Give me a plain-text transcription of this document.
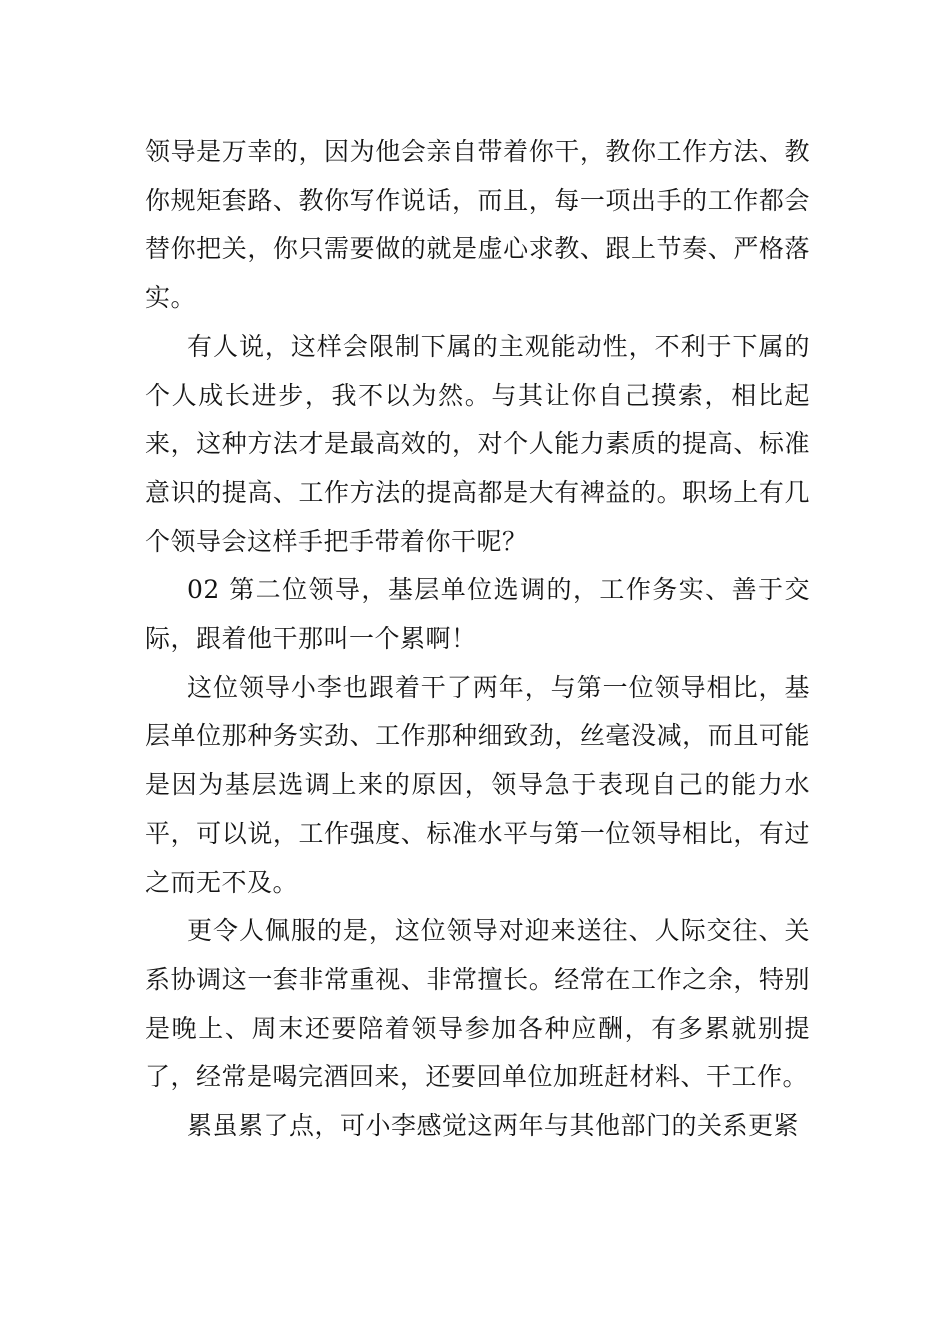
领导是万幸的，因为他会亲自带着你干，教你工作方法、教你规矩套路、教你写作说话，而且，每一项出手的工作都会替你把关，你只需要做的就是虚心求教、跟上节奏、严格落实。

有人说，这样会限制下属的主观能动性，不利于下属的个人成长进步，我不以为然。与其让你自己摸索，相比起来，这种方法才是最高效的，对个人能力素质的提高、标准意识的提高、工作方法的提高都是大有裨益的。职场上有几个领导会这样手把手带着你干呢？

02 第二位领导，基层单位选调的，工作务实、善于交际，跟着他干那叫一个累啊！

这位领导小李也跟着干了两年，与第一位领导相比，基层单位那种务实劲、工作那种细致劲，丝毫没减，而且可能是因为基层选调上来的原因，领导急于表现自己的能力水平，可以说，工作强度、标准水平与第一位领导相比，有过之而无不及。

更令人佩服的是，这位领导对迎来送往、人际交往、关系协调这一套非常重视、非常擅长。经常在工作之余，特别是晚上、周末还要陪着领导参加各种应酬，有多累就别提了，经常是喝完酒回来，还要回单位加班赶材料、干工作。

累虽累了点，可小李感觉这两年与其他部门的关系更紧
